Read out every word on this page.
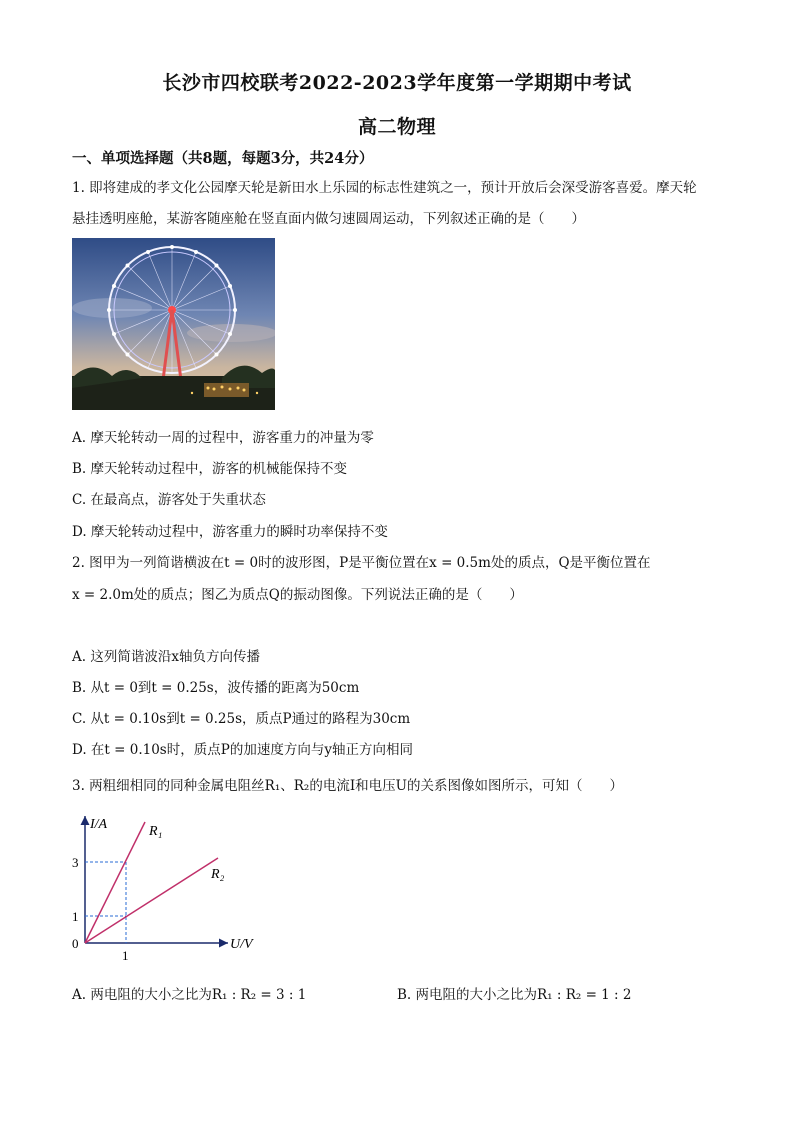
长沙市四校联考2022-2023学年度第一学期期中考试
高二物理
一、单项选择题（共8题，每题3分，共24分）
1. 即将建成的孝文化公园摩天轮是新田水上乐园的标志性建筑之一，预计开放后会深受游客喜爱。摩天轮
悬挂透明座舱，某游客随座舱在竖直面内做匀速圆周运动，下列叙述正确的是（　　）
A. 摩天轮转动一周的过程中，游客重力的冲量为零
B. 摩天轮转动过程中，游客的机械能保持不变
C. 在最高点，游客处于失重状态
D. 摩天轮转动过程中，游客重力的瞬时功率保持不变
2. 图甲为一列简谐横波在t = 0时的波形图，P是平衡位置在x = 0.5m处的质点，Q是平衡位置在
x = 2.0m处的质点；图乙为质点Q的振动图像。下列说法正确的是（　　）
A. 这列简谐波沿x轴负方向传播
B. 从t = 0到t = 0.25s，波传播的距离为50cm
C. 从t = 0.10s到t = 0.25s，质点P通过的路程为30cm
D. 在t = 0.10s时，质点P的加速度方向与y轴正方向相同
3. 两粗细相同的同种金属电阻丝R₁、R₂的电流I和电压U的关系图像如图所示，可知（　　）
I/A
U/V
0
3
1
1
R₁
R₂
A. 两电阻的大小之比为R₁ : R₂ = 3 : 1	B. 两电阻的大小之比为R₁ : R₂ = 1 : 2
